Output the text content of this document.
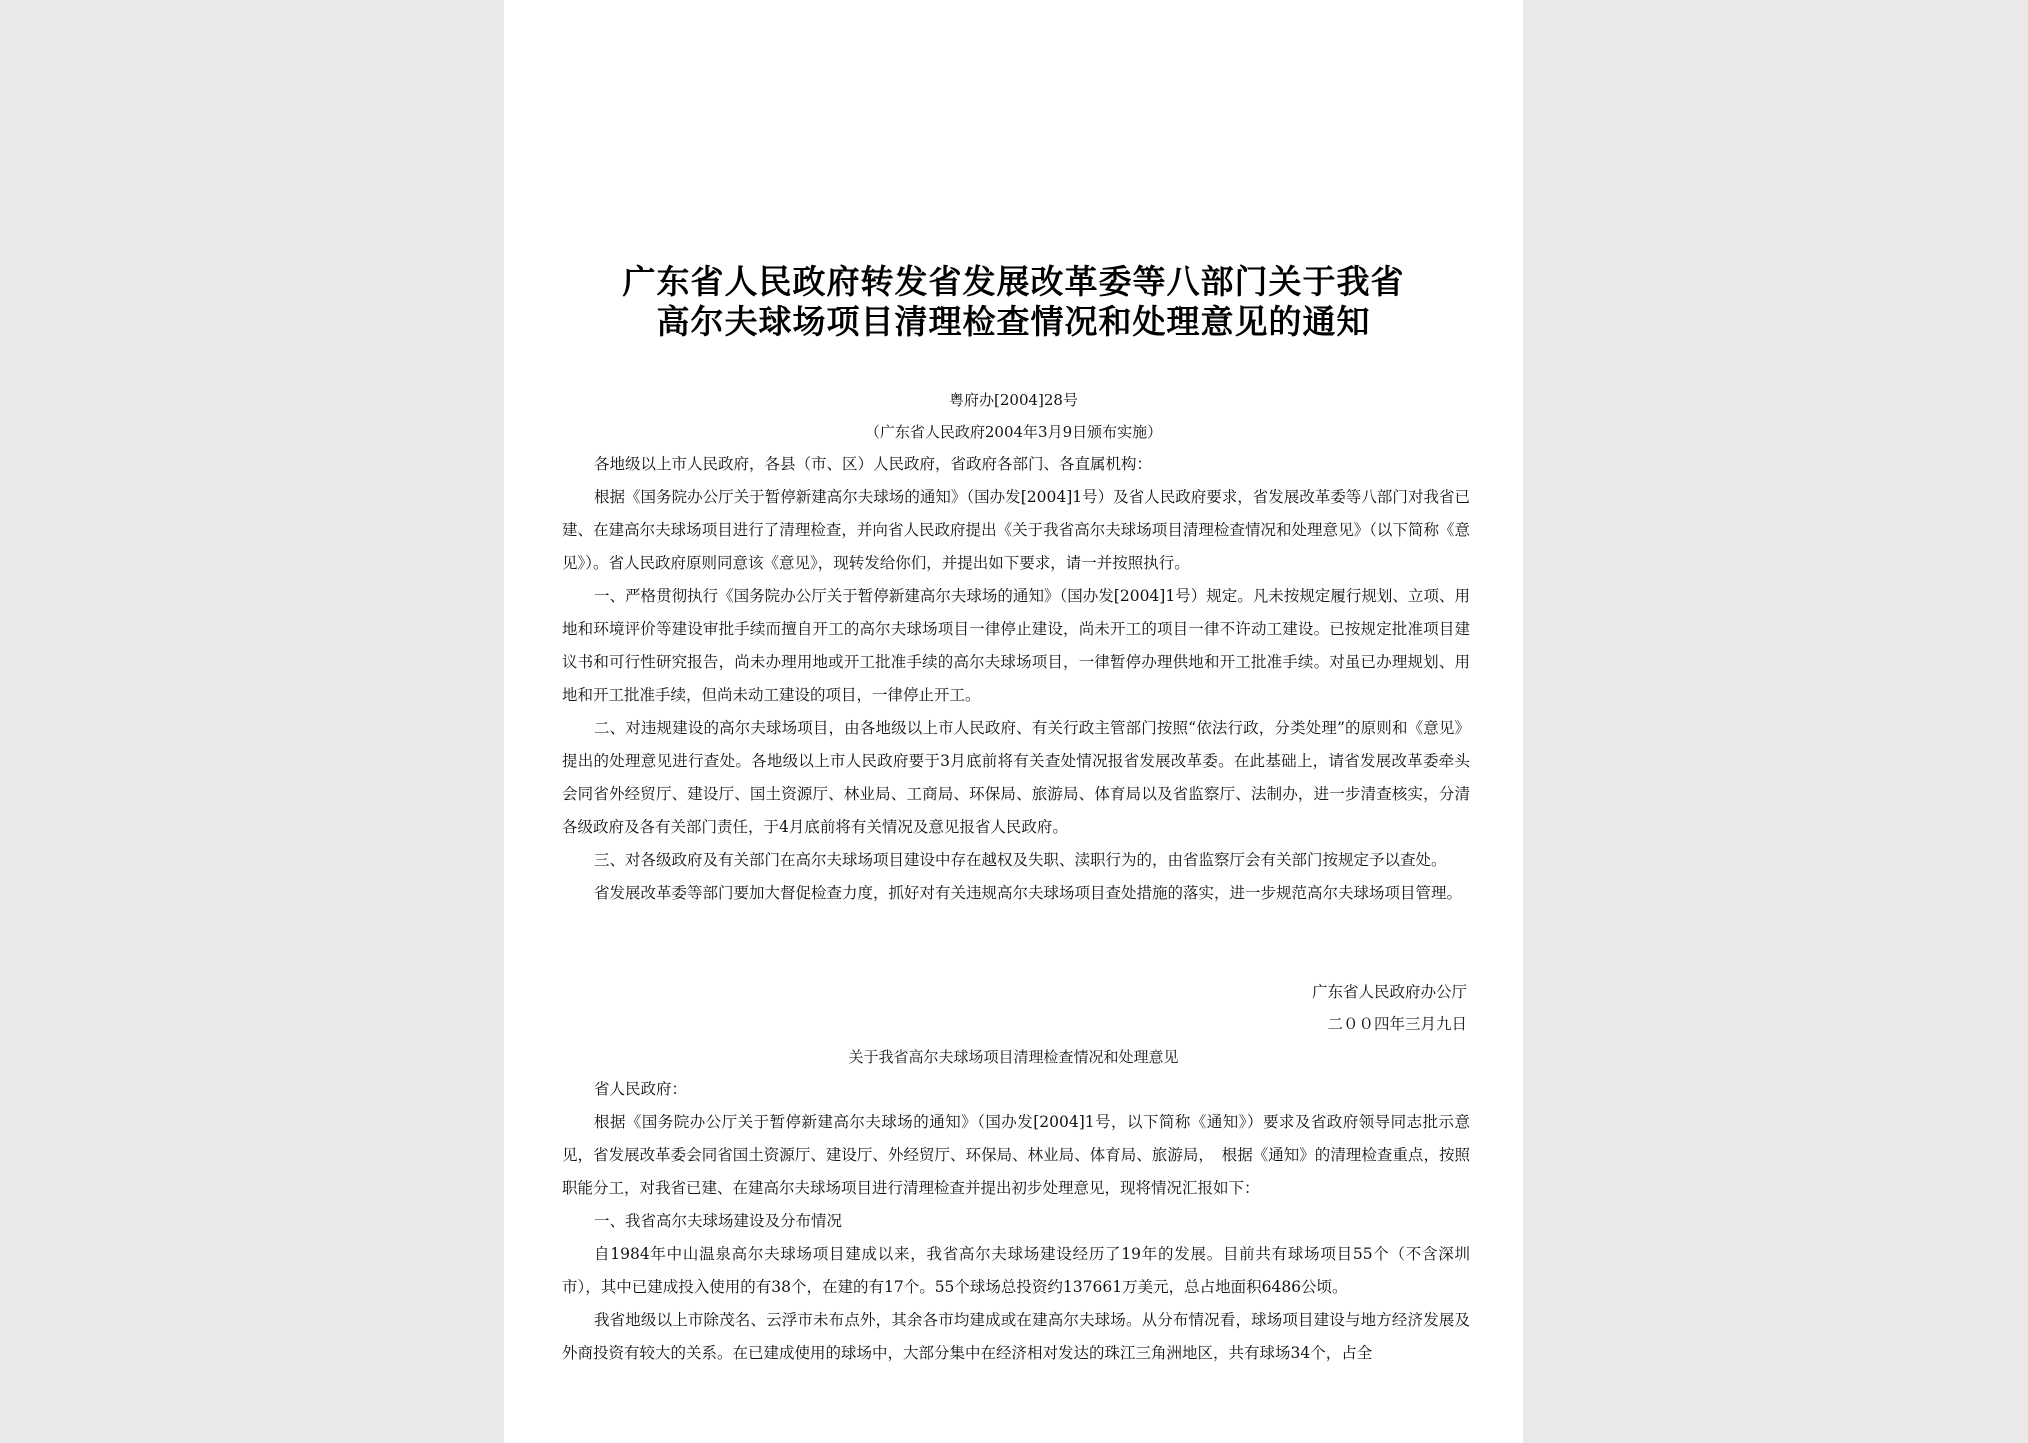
广东省人民政府转发省发展改革委等八部门关于我省
高尔夫球场项目清理检查情况和处理意见的通知
粤府办[2004]28号
（广东省人民政府2004年3月9日颁布实施）

各地级以上市人民政府，各县（市、区）人民政府，省政府各部门、各直属机构：

根据《国务院办公厅关于暂停新建高尔夫球场的通知》（国办发[2004]1号）及省人民政府要求，省发展改革委等八部门对我省已建、在建高尔夫球场项目进行了清理检查，并向省人民政府提出《关于我省高尔夫球场项目清理检查情况和处理意见》（以下简称《意见》）。省人民政府原则同意该《意见》，现转发给你们，并提出如下要求，请一并按照执行。

一、严格贯彻执行《国务院办公厅关于暂停新建高尔夫球场的通知》（国办发[2004]1号）规定。凡未按规定履行规划、立项、用地和环境评价等建设审批手续而擅自开工的高尔夫球场项目一律停止建设，尚未开工的项目一律不许动工建设。已按规定批准项目建议书和可行性研究报告，尚未办理用地或开工批准手续的高尔夫球场项目，一律暂停办理供地和开工批准手续。对虽已办理规划、用地和开工批准手续，但尚未动工建设的项目，一律停止开工。

二、对违规建设的高尔夫球场项目，由各地级以上市人民政府、有关行政主管部门按照“依法行政，分类处理”的原则和《意见》提出的处理意见进行查处。各地级以上市人民政府要于3月底前将有关查处情况报省发展改革委。在此基础上，请省发展改革委牵头会同省外经贸厅、建设厅、国土资源厅、林业局、工商局、环保局、旅游局、体育局以及省监察厅、法制办，进一步清查核实，分清各级政府及各有关部门责任，于4月底前将有关情况及意见报省人民政府。

三、对各级政府及有关部门在高尔夫球场项目建设中存在越权及失职、渎职行为的，由省监察厅会有关部门按规定予以查处。

省发展改革委等部门要加大督促检查力度，抓好对有关违规高尔夫球场项目查处措施的落实，进一步规范高尔夫球场项目管理。

广东省人民政府办公厅
二００四年三月九日
关于我省高尔夫球场项目清理检查情况和处理意见

省人民政府：

根据《国务院办公厅关于暂停新建高尔夫球场的通知》（国办发[2004]1号，以下简称《通知》）要求及省政府领导同志批示意见，省发展改革委会同省国土资源厅、建设厅、外经贸厅、环保局、林业局、体育局、旅游局，　根据《通知》的清理检查重点，按照职能分工，对我省已建、在建高尔夫球场项目进行清理检查并提出初步处理意见，现将情况汇报如下：

一、我省高尔夫球场建设及分布情况

自1984年中山温泉高尔夫球场项目建成以来，我省高尔夫球场建设经历了19年的发展。目前共有球场项目55个（不含深圳市），其中已建成投入使用的有38个，在建的有17个。55个球场总投资约137661万美元，总占地面积6486公顷。

我省地级以上市除茂名、云浮市未布点外，其余各市均建成或在建高尔夫球场。从分布情况看，球场项目建设与地方经济发展及外商投资有较大的关系。在已建成使用的球场中，大部分集中在经济相对发达的珠江三角洲地区，共有球场34个，占全
